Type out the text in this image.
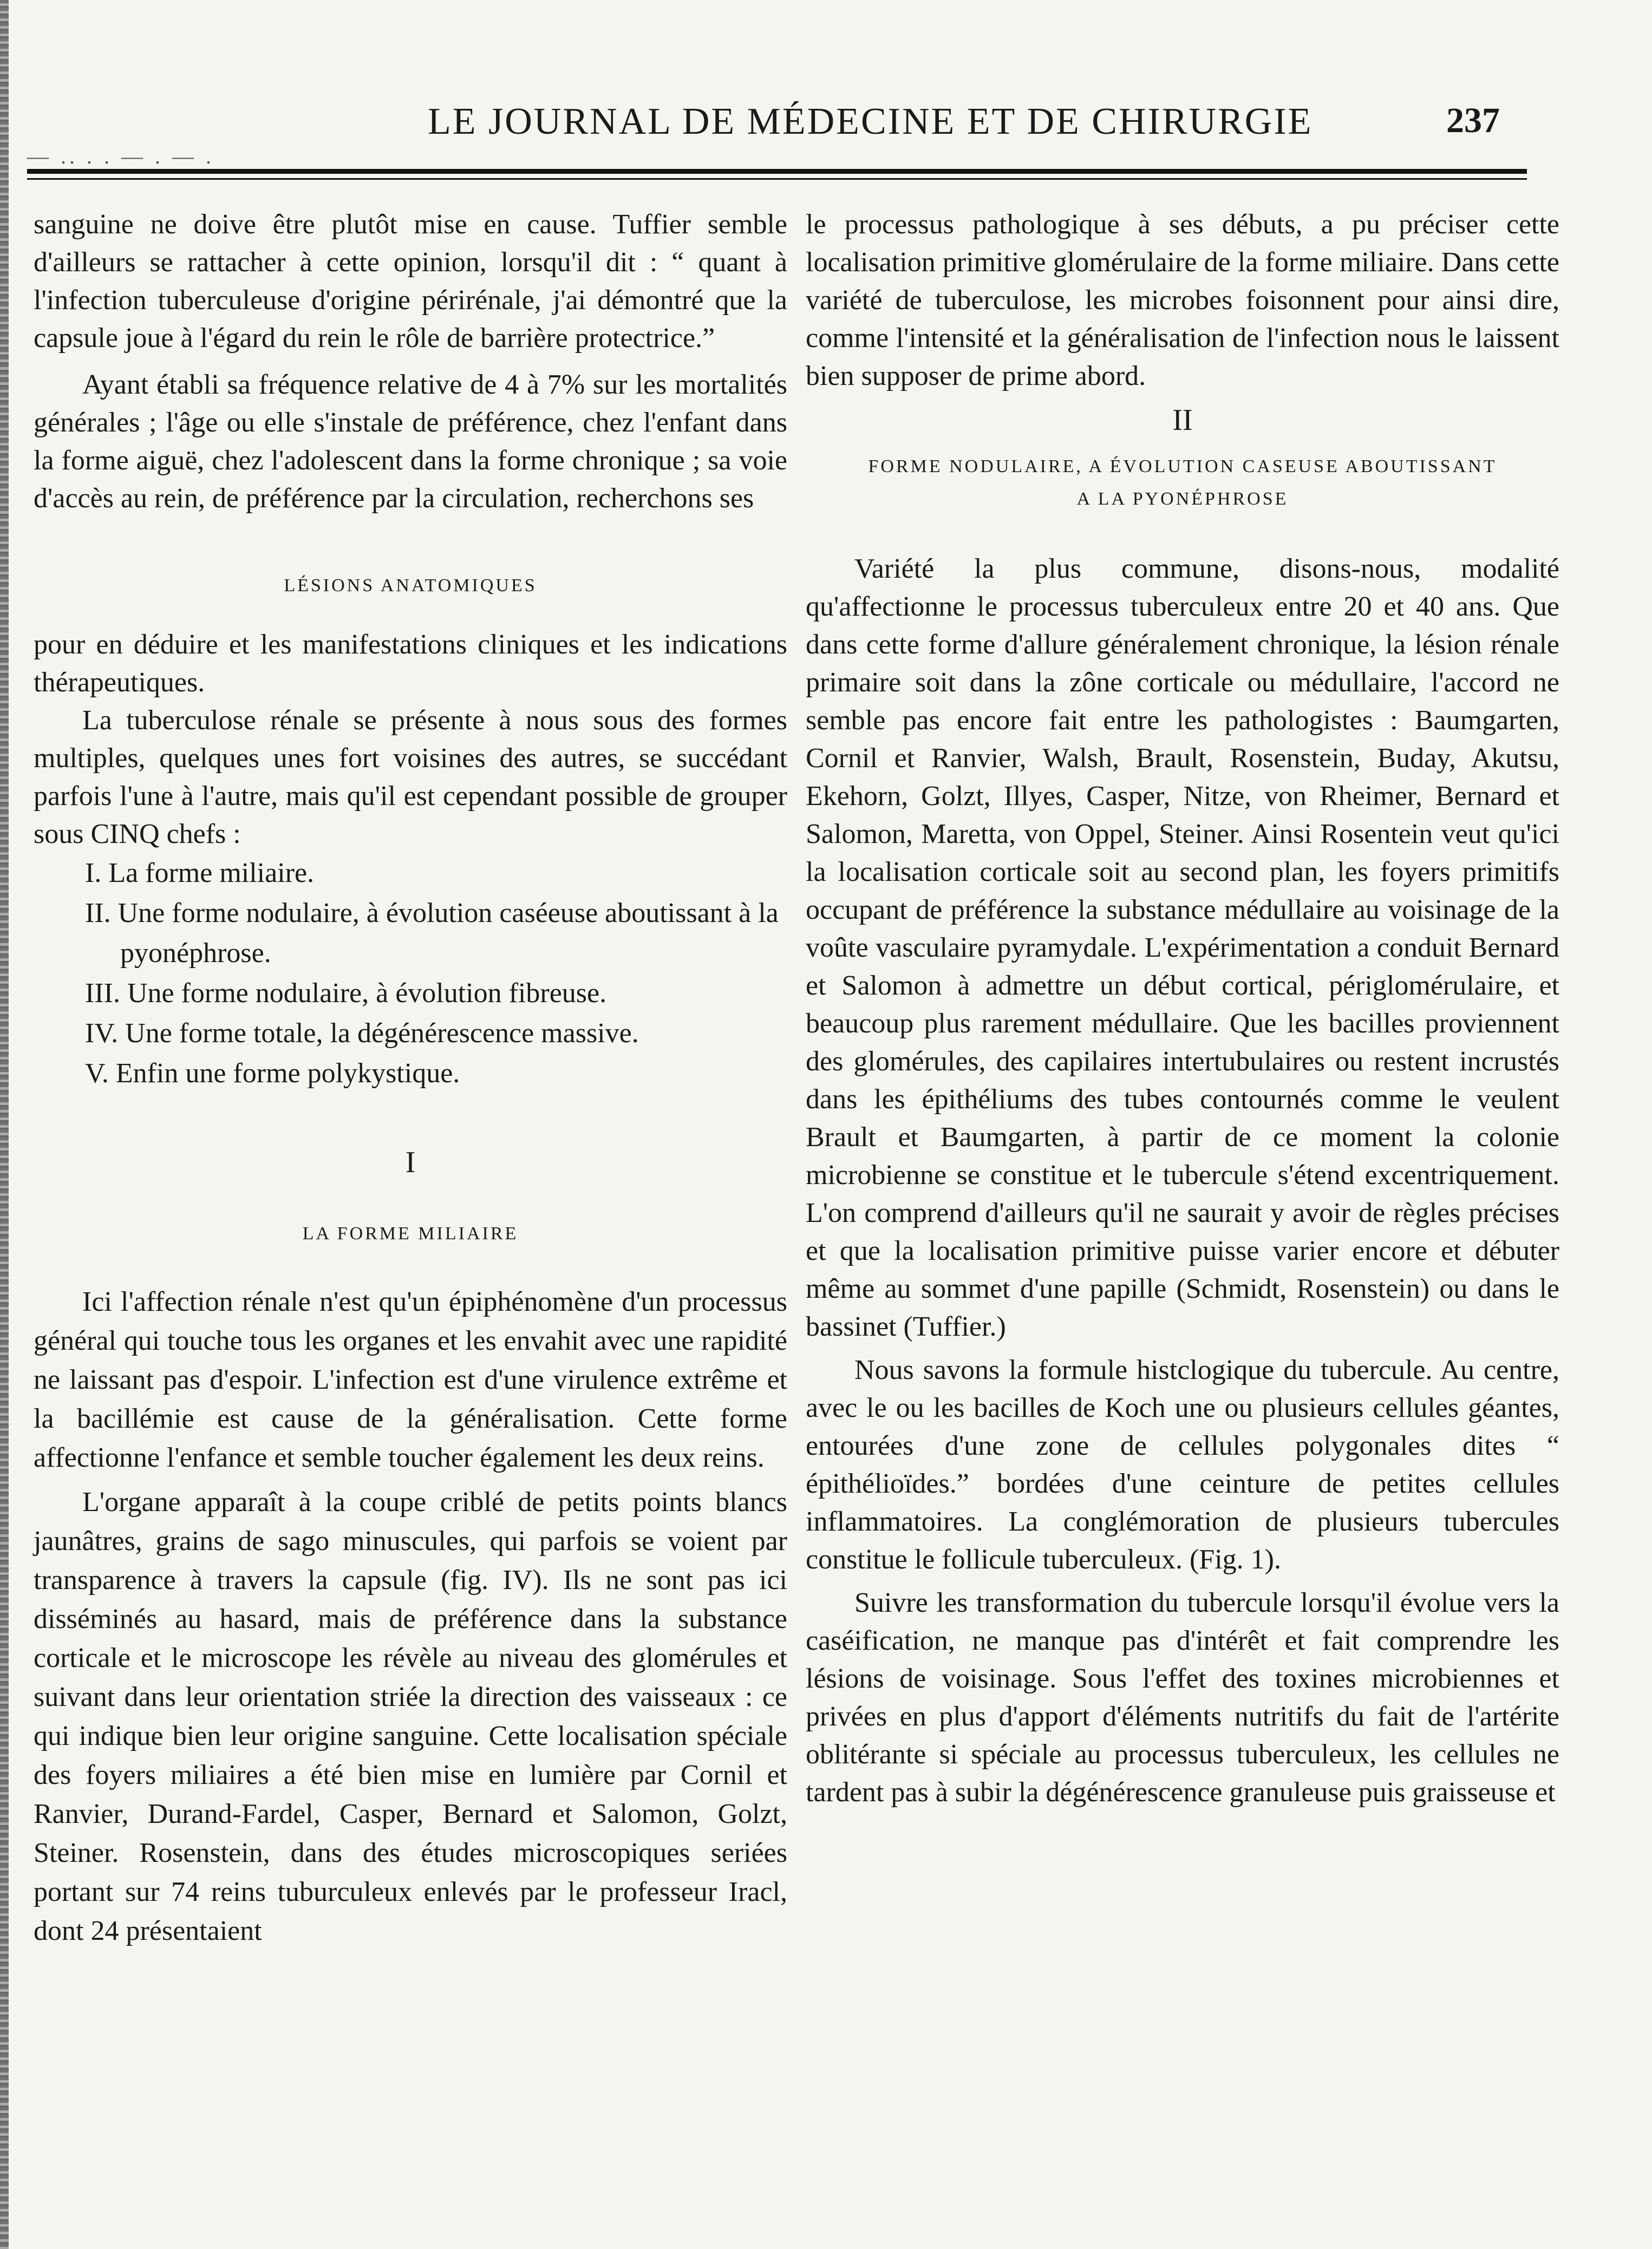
— .. . . — . — .
LE JOURNAL DE MÉDECINE ET DE CHIRURGIE	237

sanguine ne doive être plutôt mise en cause. Tuffier semble d'ailleurs se rattacher à cette opinion, lorsqu'il dit : “ quant à l'infection tuberculeuse d'origine périrénale, j'ai démontré que la capsule joue à l'égard du rein le rôle de barrière protectrice.”

Ayant établi sa fréquence relative de 4 à 7% sur les mortalités générales ; l'âge ou elle s'instale de préférence, chez l'enfant dans la forme aiguë, chez l'adolescent dans la forme chronique ; sa voie d'accès au rein, de préférence par la circulation, recherchons ses

LÉSIONS ANATOMIQUES

pour en déduire et les manifestations cliniques et les indications thérapeutiques.

La tuberculose rénale se présente à nous sous des formes multiples, quelques unes fort voisines des autres, se succédant parfois l'une à l'autre, mais qu'il est cependant possible de grouper sous CINQ chefs :

I. La forme miliaire.

II. Une forme nodulaire, à évolution caséeuse aboutissant à la pyonéphrose.

III. Une forme nodulaire, à évolution fibreuse.

IV. Une forme totale, la dégénérescence massive.

V. Enfin une forme polykystique.

I

LA FORME MILIAIRE

Ici l'affection rénale n'est qu'un épiphénomène d'un processus général qui touche tous les organes et les envahit avec une rapidité ne laissant pas d'espoir. L'infection est d'une virulence extrême et la bacillémie est cause de la généralisation. Cette forme affectionne l'enfance et semble toucher également les deux reins.

L'organe apparaît à la coupe criblé de petits points blancs jaunâtres, grains de sago minuscules, qui parfois se voient par transparence à travers la capsule (fig. IV). Ils ne sont pas ici disséminés au hasard, mais de préférence dans la substance corticale et le microscope les révèle au niveau des glomérules et suivant dans leur orientation striée la direction des vaisseaux : ce qui indique bien leur origine sanguine. Cette localisation spéciale des foyers miliaires a été bien mise en lumière par Cornil et Ranvier, Durand-Fardel, Casper, Bernard et Salomon, Golzt, Steiner. Rosenstein, dans des études microscopiques seriées portant sur 74 reins tuburculeux enlevés par le professeur Iracl, dont 24 présentaient

le processus pathologique à ses débuts, a pu préciser cette localisation primitive glomérulaire de la forme miliaire. Dans cette variété de tuberculose, les microbes foisonnent pour ainsi dire, comme l'intensité et la généralisation de l'infection nous le laissent bien supposer de prime abord.

II

FORME NODULAIRE, A ÉVOLUTION CASEUSE ABOUTISSANT

A LA PYONÉPHROSE

Variété la plus commune, disons-nous, modalité qu'affectionne le processus tuberculeux entre 20 et 40 ans. Que dans cette forme d'allure généralement chronique, la lésion rénale primaire soit dans la zône corticale ou médullaire, l'accord ne semble pas encore fait entre les pathologistes : Baumgarten, Cornil et Ranvier, Walsh, Brault, Rosenstein, Buday, Akutsu, Ekehorn, Golzt, Illyes, Casper, Nitze, von Rheimer, Bernard et Salomon, Maretta, von Oppel, Steiner. Ainsi Rosentein veut qu'ici la localisation corticale soit au second plan, les foyers primitifs occupant de préférence la substance médullaire au voisinage de la voûte vasculaire pyramydale. L'expérimentation a conduit Bernard et Salomon à admettre un début cortical, périglomérulaire, et beaucoup plus rarement médullaire. Que les bacilles proviennent des glomérules, des capilaires intertubulaires ou restent incrustés dans les épithéliums des tubes contournés comme le veulent Brault et Baumgarten, à partir de ce moment la colonie microbienne se constitue et le tubercule s'étend excentriquement. L'on comprend d'ailleurs qu'il ne saurait y avoir de règles précises et que la localisation primitive puisse varier encore et débuter même au sommet d'une papille (Schmidt, Rosenstein) ou dans le bassinet (Tuffier.)

Nous savons la formule histclogique du tubercule. Au centre, avec le ou les bacilles de Koch une ou plusieurs cellules géantes, entourées d'une zone de cellules polygonales dites “ épithélioïdes.” bordées d'une ceinture de petites cellules inflammatoires. La conglémoration de plusieurs tubercules constitue le follicule tuberculeux. (Fig. 1).

Suivre les transformation du tubercule lorsqu'il évolue vers la caséification, ne manque pas d'intérêt et fait comprendre les lésions de voisinage. Sous l'effet des toxines microbiennes et privées en plus d'apport d'éléments nutritifs du fait de l'artérite oblitérante si spéciale au processus tuberculeux, les cellules ne tardent pas à subir la dégénérescence granuleuse puis graisseuse et
